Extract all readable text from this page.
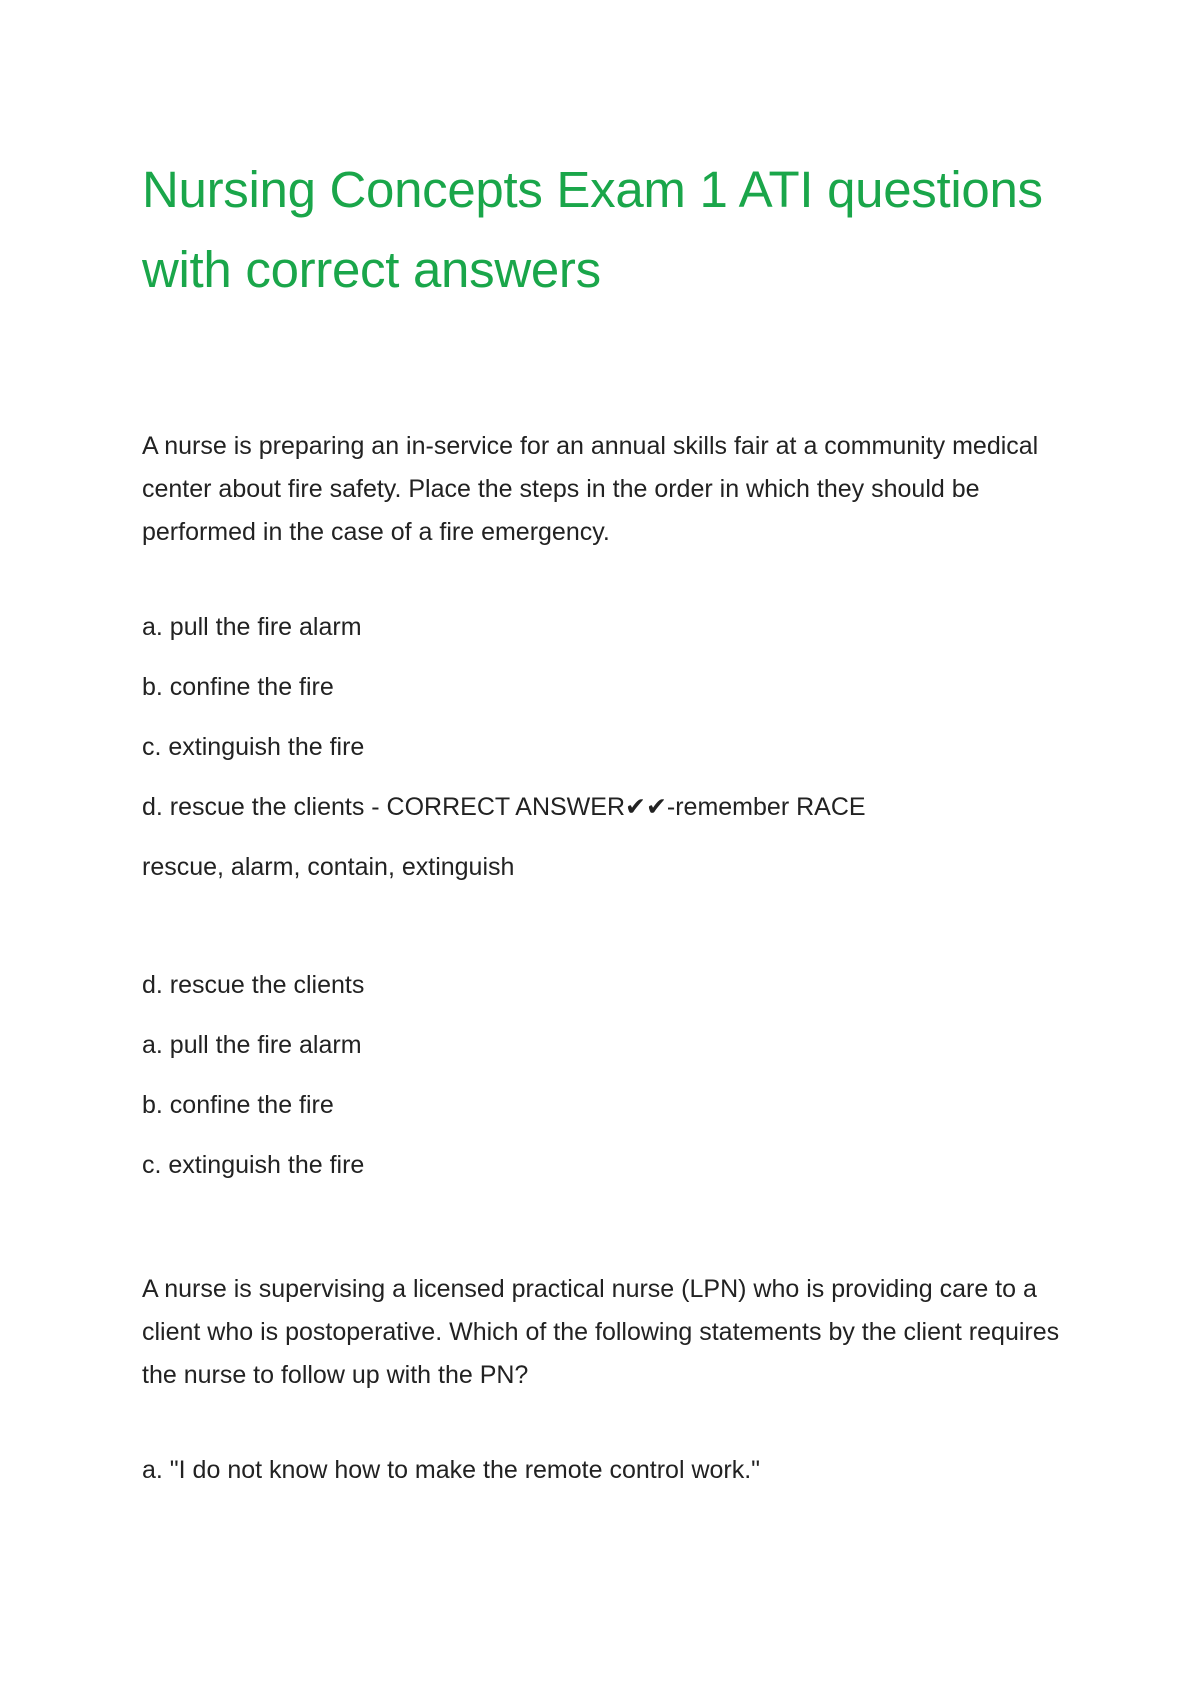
Nursing Concepts Exam 1 ATI questions with correct answers

A nurse is preparing an in-service for an annual skills fair at a community medical center about fire safety. Place the steps in the order in which they should be performed in the case of a fire emergency.

a. pull the fire alarm

b. confine the fire

c. extinguish the fire

d. rescue the clients - CORRECT ANSWER✔✔-remember RACE

rescue, alarm, contain, extinguish

d. rescue the clients

a. pull the fire alarm

b. confine the fire

c. extinguish the fire

A nurse is supervising a licensed practical nurse (LPN) who is providing care to a client who is postoperative. Which of the following statements by the client requires the nurse to follow up with the PN?

a. "I do not know how to make the remote control work."
